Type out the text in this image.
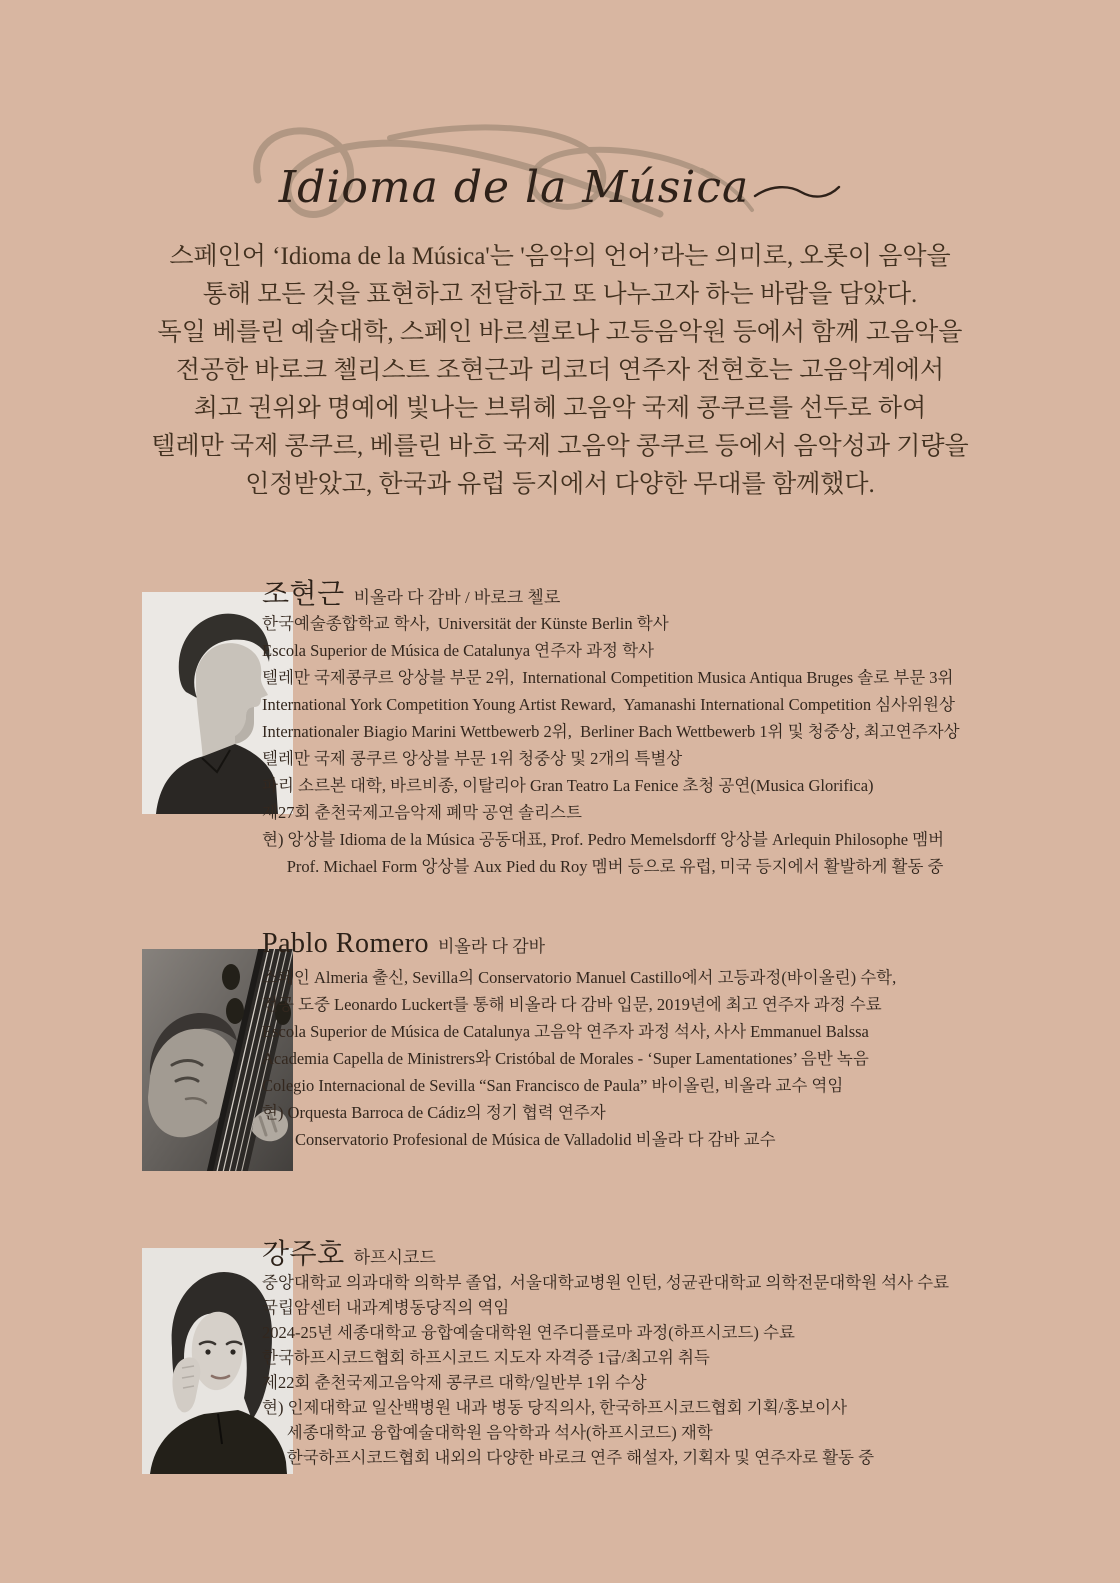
Idioma de la Música
스페인어 ‘Idioma de la Música'는 '음악의 언어’라는 의미로, 오롯이 음악을
통해 모든 것을 표현하고 전달하고 또 나누고자 하는 바람을 담았다.
독일 베를린 예술대학, 스페인 바르셀로나 고등음악원 등에서 함께 고음악을
전공한 바로크 첼리스트 조현근과 리코더 연주자 전현호는 고음악계에서
최고 권위와 명예에 빛나는 브뤼헤 고음악 국제 콩쿠르를 선두로 하여
텔레만 국제 콩쿠르, 베를린 바흐 국제 고음악 콩쿠르 등에서 음악성과 기량을
인정받았고, 한국과 유럽 등지에서 다양한 무대를 함께했다.
조현근 비올라 다 감바 / 바로크 첼로
한국예술종합학교 학사,  Universität der Künste Berlin 학사
Escola Superior de Música de Catalunya 연주자 과정 학사
텔레만 국제콩쿠르 앙상블 부문 2위,  International Competition Musica Antiqua Bruges 솔로 부문 3위
International York Competition Young Artist Reward,  Yamanashi International Competition 심사위원상
Internationaler Biagio Marini Wettbewerb 2위,  Berliner Bach Wettbewerb 1위 및 청중상, 최고연주자상
텔레만 국제 콩쿠르 앙상블 부문 1위 청중상 및 2개의 특별상
파리 소르본 대학, 바르비종, 이탈리아 Gran Teatro La Fenice 초청 공연(Musica Glorifica)
제27회 춘천국제고음악제 폐막 공연 솔리스트
현) 앙상블 Idioma de la Música 공동대표, Prof. Pedro Memelsdorff 앙상블 Arlequin Philosophe 멤버
Prof. Michael Form 앙상블 Aux Pied du Roy 멤버 등으로 유럽, 미국 등지에서 활발하게 활동 중
Pablo Romero 비올라 다 감바
스페인 Almeria 출신, Sevilla의 Conservatorio Manuel Castillo에서 고등과정(바이올린) 수학,
전공 도중 Leonardo Luckert를 통해 비올라 다 감바 입문, 2019년에 최고 연주자 과정 수료
Escola Superior de Música de Catalunya 고음악 연주자 과정 석사, 사사 Emmanuel Balssa
Academia Capella de Ministrers와 Cristóbal de Morales - ‘Super Lamentationes’ 음반 녹음
Colegio Internacional de Sevilla “San Francisco de Paula” 바이올린, 비올라 교수 역임
현) Orquesta Barroca de Cádiz의 정기 협력 연주자
Conservatorio Profesional de Música de Valladolid 비올라 다 감바 교수
강주호 하프시코드
중앙대학교 의과대학 의학부 졸업,  서울대학교병원 인턴, 성균관대학교 의학전문대학원 석사 수료
국립암센터 내과계병동당직의 역임
2024-25년 세종대학교 융합예술대학원 연주디플로마 과정(하프시코드) 수료
한국하프시코드협회 하프시코드 지도자 자격증 1급/최고위 취득
제22회 춘천국제고음악제 콩쿠르 대학/일반부 1위 수상
현) 인제대학교 일산백병원 내과 병동 당직의사, 한국하프시코드협회 기획/홍보이사
세종대학교 융합예술대학원 음악학과 석사(하프시코드) 재학
한국하프시코드협회 내외의 다양한 바로크 연주 해설자, 기획자 및 연주자로 활동 중
